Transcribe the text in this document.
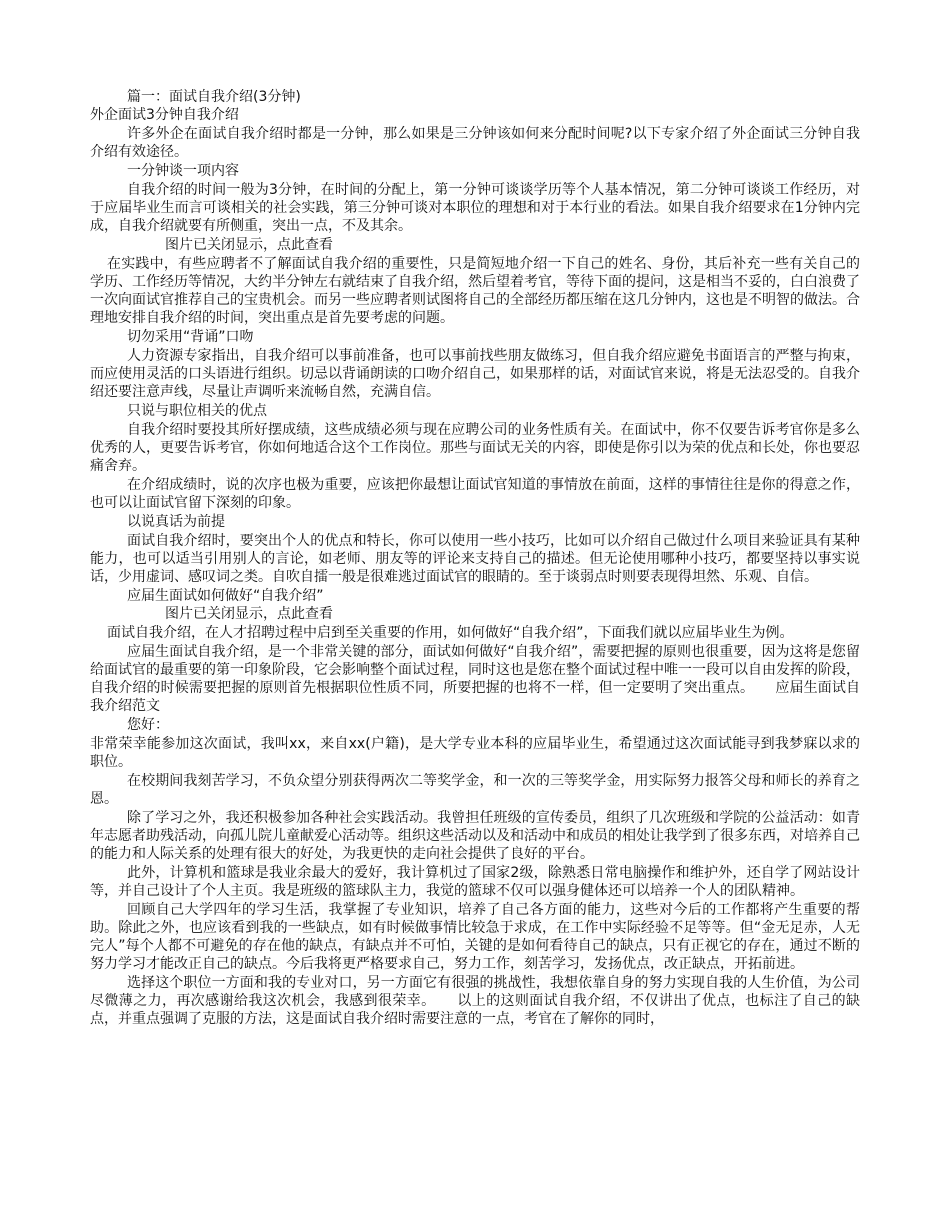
篇一：面试自我介绍(3分钟)
外企面试3分钟自我介绍
许多外企在面试自我介绍时都是一分钟，那么如果是三分钟该如何来分配时间呢?以下专家介绍了外企面试三分钟自我介绍有效途径。
一分钟谈一项内容
自我介绍的时间一般为3分钟，在时间的分配上，第一分钟可谈谈学历等个人基本情况，第二分钟可谈谈工作经历，对于应届毕业生而言可谈相关的社会实践，第三分钟可谈对本职位的理想和对于本行业的看法。如果自我介绍要求在1分钟内完成，自我介绍就要有所侧重，突出一点，不及其余。
图片已关闭显示，点此查看
在实践中，有些应聘者不了解面试自我介绍的重要性，只是简短地介绍一下自己的姓名、身份，其后补充一些有关自己的学历、工作经历等情况，大约半分钟左右就结束了自我介绍，然后望着考官，等待下面的提问，这是相当不妥的，白白浪费了一次向面试官推荐自己的宝贵机会。而另一些应聘者则试图将自己的全部经历都压缩在这几分钟内，这也是不明智的做法。合理地安排自我介绍的时间，突出重点是首先要考虑的问题。
切勿采用“背诵”口吻
人力资源专家指出，自我介绍可以事前准备，也可以事前找些朋友做练习，但自我介绍应避免书面语言的严整与拘束，而应使用灵活的口头语进行组织。切忌以背诵朗读的口吻介绍自己，如果那样的话，对面试官来说，将是无法忍受的。自我介绍还要注意声线，尽量让声调听来流畅自然，充满自信。
只说与职位相关的优点
自我介绍时要投其所好摆成绩，这些成绩必须与现在应聘公司的业务性质有关。在面试中，你不仅要告诉考官你是多么优秀的人，更要告诉考官，你如何地适合这个工作岗位。那些与面试无关的内容，即使是你引以为荣的优点和长处，你也要忍痛舍弃。
在介绍成绩时，说的次序也极为重要，应该把你最想让面试官知道的事情放在前面，这样的事情往往是你的得意之作，也可以让面试官留下深刻的印象。
以说真话为前提
面试自我介绍时，要突出个人的优点和特长，你可以使用一些小技巧，比如可以介绍自己做过什么项目来验证具有某种能力，也可以适当引用别人的言论，如老师、朋友等的评论来支持自己的描述。但无论使用哪种小技巧，都要坚持以事实说话，少用虚词、感叹词之类。自吹自擂一般是很难逃过面试官的眼睛的。至于谈弱点时则要表现得坦然、乐观、自信。
应届生面试如何做好“自我介绍”
图片已关闭显示，点此查看
面试自我介绍，在人才招聘过程中启到至关重要的作用，如何做好“自我介绍”，下面我们就以应届毕业生为例。
应届生面试自我介绍，是一个非常关键的部分，面试如何做好“自我介绍”，需要把握的原则也很重要，因为这将是您留给面试官的最重要的第一印象阶段，它会影响整个面试过程，同时这也是您在整个面试过程中唯一一段可以自由发挥的阶段，自我介绍的时候需要把握的原则首先根据职位性质不同，所要把握的也将不一样，但一定要明了突出重点。　　应届生面试自我介绍范文
您好：
非常荣幸能参加这次面试，我叫xx，来自xx(户籍)，是大学专业本科的应届毕业生，希望通过这次面试能寻到我梦寐以求的职位。
在校期间我刻苦学习，不负众望分别获得两次二等奖学金，和一次的三等奖学金，用实际努力报答父母和师长的养育之恩。
除了学习之外，我还积极参加各种社会实践活动。我曾担任班级的宣传委员，组织了几次班级和学院的公益活动：如青年志愿者助残活动，向孤儿院儿童献爱心活动等。组织这些活动以及和活动中和成员的相处让我学到了很多东西，对培养自己的能力和人际关系的处理有很大的好处，为我更快的走向社会提供了良好的平台。
此外，计算机和篮球是我业余最大的爱好，我计算机过了国家2级，除熟悉日常电脑操作和维护外，还自学了网站设计等，并自己设计了个人主页。我是班级的篮球队主力，我觉的篮球不仅可以强身健体还可以培养一个人的团队精神。
回顾自己大学四年的学习生活，我掌握了专业知识，培养了自己各方面的能力，这些对今后的工作都将产生重要的帮助。除此之外，也应该看到我的一些缺点，如有时候做事情比较急于求成，在工作中实际经验不足等等。但“金无足赤，人无完人”每个人都不可避免的存在他的缺点，有缺点并不可怕，关键的是如何看待自己的缺点，只有正视它的存在，通过不断的努力学习才能改正自己的缺点。今后我将更严格要求自己，努力工作，刻苦学习，发扬优点，改正缺点，开拓前进。
选择这个职位一方面和我的专业对口，另一方面它有很强的挑战性，我想依靠自身的努力实现自我的人生价值，为公司尽微薄之力，再次感谢给我这次机会，我感到很荣幸。　　以上的这则面试自我介绍，不仅讲出了优点，也标注了自己的缺点，并重点强调了克服的方法，这是面试自我介绍时需要注意的一点，考官在了解你的同时，
